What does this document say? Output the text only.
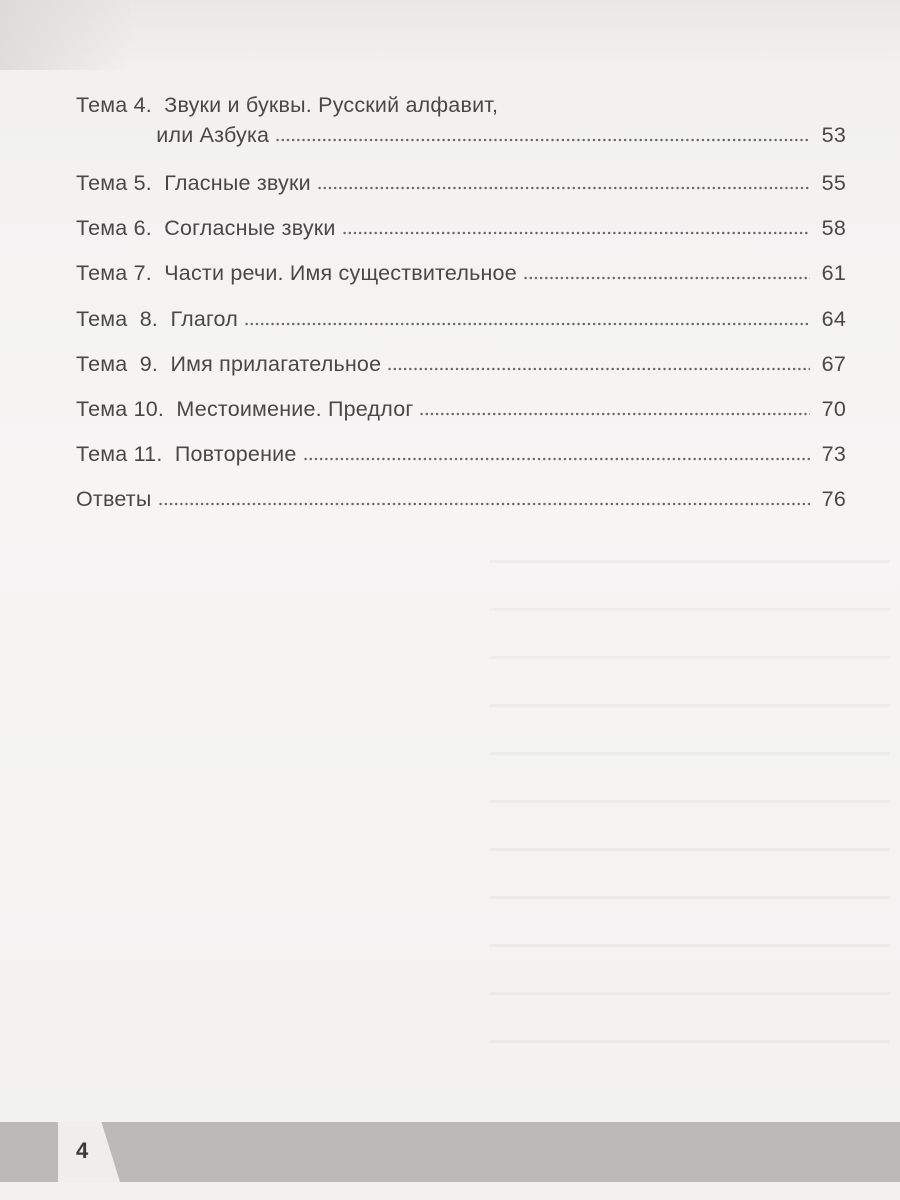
Тема 4.  Звуки и буквы. Русский алфавит,
или Азбука	53
Тема 5.  Гласные звуки	55
Тема 6.  Согласные звуки	58
Тема 7.  Части речи. Имя существительное	61
Тема  8.  Глагол	64
Тема  9.  Имя прилагательное	67
Тема 10.  Местоимение. Предлог	70
Тема 11.  Повторение	73
Ответы	76
4
